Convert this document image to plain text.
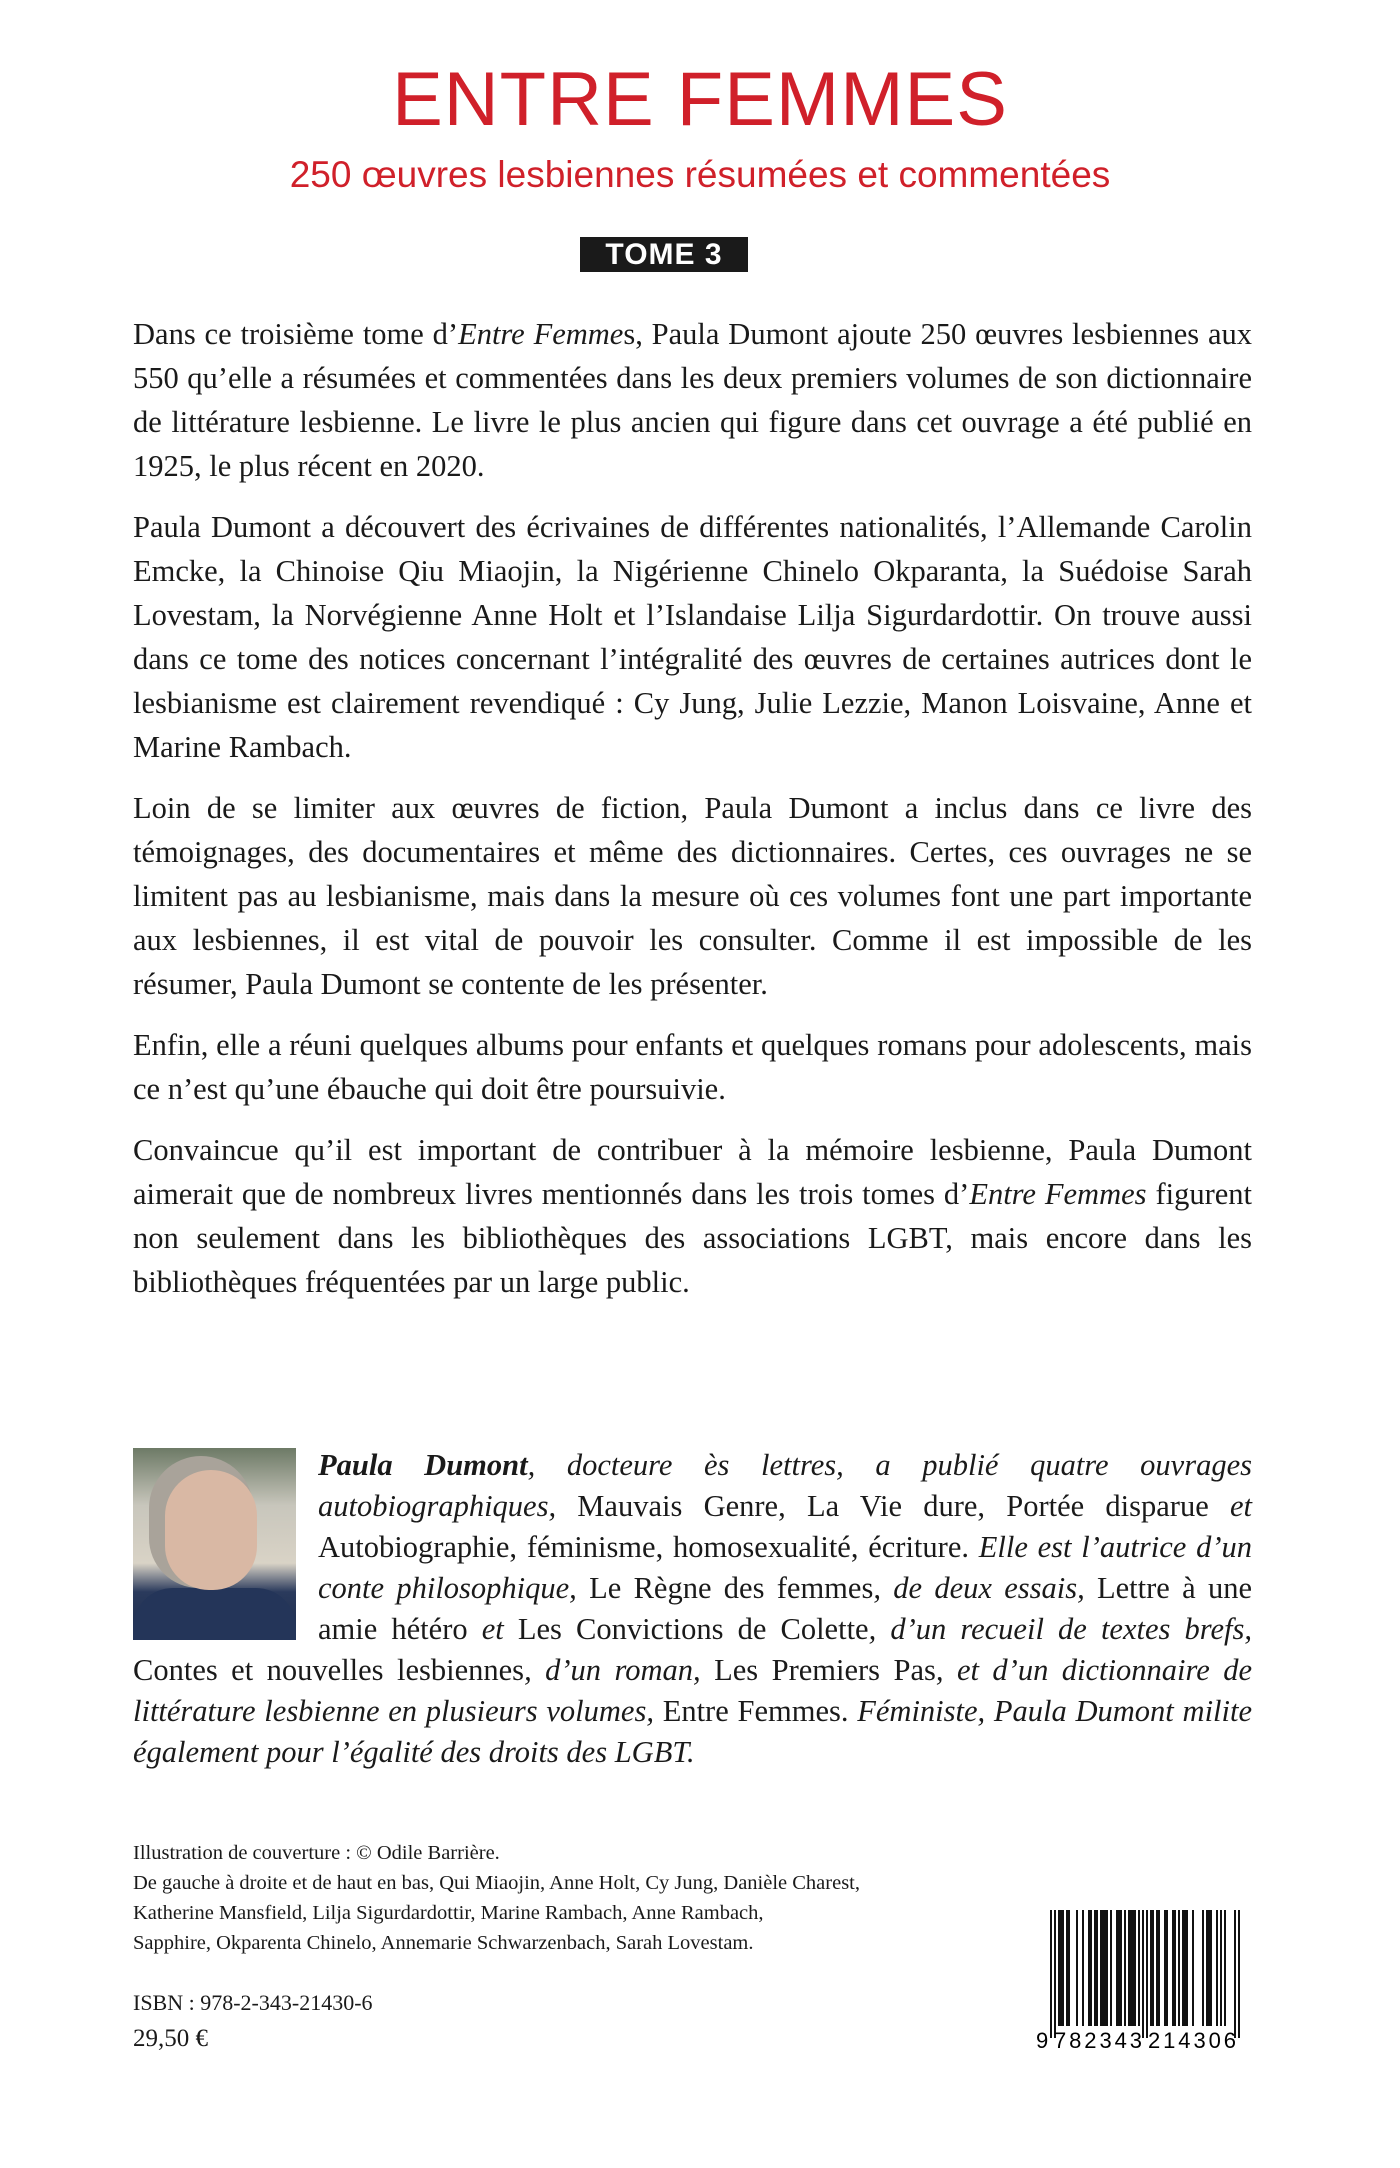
ENTRE FEMMES
250 œuvres lesbiennes résumées et commentées
TOME 3

Dans ce troisième tome d’Entre Femmes, Paula Dumont ajoute 250 œuvres lesbiennes aux 550 qu’elle a résumées et commentées dans les deux premiers volumes de son dictionnaire de littérature lesbienne. Le livre le plus ancien qui figure dans cet ouvrage a été publié en 1925, le plus récent en 2020.

Paula Dumont a découvert des écrivaines de différentes nationalités, l’Allemande Carolin Emcke, la Chinoise Qiu Miaojin, la Nigérienne Chinelo Okparanta, la Suédoise Sarah Lovestam, la Norvégienne Anne Holt et l’Islandaise Lilja Sigurdardottir. On trouve aussi dans ce tome des notices concernant l’intégralité des œuvres de certaines autrices dont le lesbianisme est clairement revendiqué : Cy Jung, Julie Lezzie, Manon Loisvaine, Anne et Marine Rambach.

Loin de se limiter aux œuvres de fiction, Paula Dumont a inclus dans ce livre des témoignages, des documentaires et même des dictionnaires. Certes, ces ouvrages ne se limitent pas au lesbianisme, mais dans la mesure où ces volumes font une part importante aux lesbiennes, il est vital de pouvoir les consulter. Comme il est impossible de les résumer, Paula Dumont se contente de les présenter.

Enfin, elle a réuni quelques albums pour enfants et quelques romans pour adolescents, mais ce n’est qu’une ébauche qui doit être poursuivie.

Convaincue qu’il est important de contribuer à la mémoire lesbienne, Paula Dumont aimerait que de nombreux livres mentionnés dans les trois tomes d’Entre Femmes figurent non seulement dans les bibliothèques des associations LGBT, mais encore dans les bibliothèques fréquentées par un large public.

Paula Dumont, docteure ès lettres, a publié quatre ouvrages autobiographiques, Mauvais Genre, La Vie dure, Portée disparue et Autobiographie, féminisme, homosexualité, écriture. Elle est l’autrice d’un conte philosophique, Le Règne des femmes, de deux essais, Lettre à une amie hétéro et Les Convictions de Colette, d’un recueil de textes brefs, Contes et nouvelles lesbiennes, d’un roman, Les Premiers Pas, et d’un dictionnaire de littérature lesbienne en plusieurs volumes, Entre Femmes. Féministe, Paula Dumont milite également pour l’égalité des droits des LGBT.
Illustration de couverture : © Odile Barrière.
De gauche à droite et de haut en bas, Qui Miaojin, Anne Holt, Cy Jung, Danièle Charest,
Katherine Mansfield, Lilja Sigurdardottir, Marine Rambach, Anne Rambach,
Sapphire, Okparenta Chinelo, Annemarie Schwarzenbach, Sarah Lovestam.
ISBN : 978-2-343-21430-6
29,50 €	9 782343 214306
